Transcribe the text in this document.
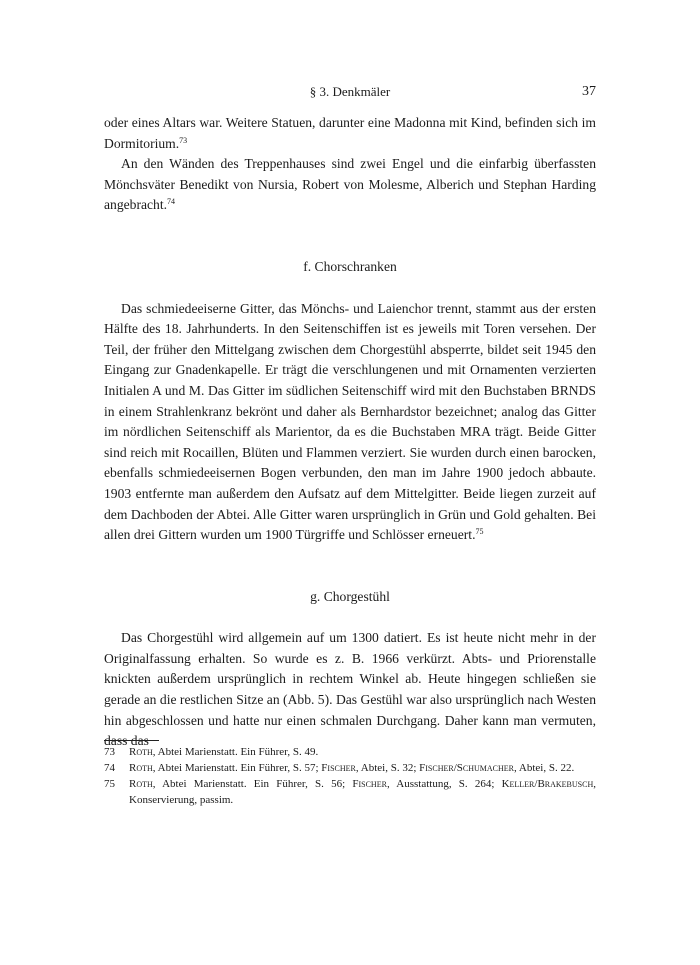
§ 3. Denkmäler	37

oder eines Altars war. Weitere Statuen, darunter eine Madonna mit Kind, befinden sich im Dormitorium.$^{73}$

An den Wänden des Treppenhauses sind zwei Engel und die einfarbig überfassten Mönchsväter Benedikt von Nursia, Robert von Molesme, Alberich und Stephan Harding angebracht.$^{74}$

f. Chorschranken

Das schmiedeeiserne Gitter, das Mönchs- und Laienchor trennt, stammt aus der ersten Hälfte des 18. Jahrhunderts. In den Seitenschiffen ist es jeweils mit Toren versehen. Der Teil, der früher den Mittelgang zwischen dem Chorgestühl absperrte, bildet seit 1945 den Eingang zur Gnadenkapelle. Er trägt die verschlungenen und mit Ornamenten verzierten Initialen A und M. Das Gitter im südlichen Seitenschiff wird mit den Buchstaben BRNDS in einem Strahlenkranz bekrönt und daher als Bernhardstor bezeichnet; analog das Gitter im nördlichen Seitenschiff als Marientor, da es die Buchstaben MRA trägt. Beide Gitter sind reich mit Rocaillen, Blüten und Flammen verziert. Sie wurden durch einen barocken, ebenfalls schmiedeeisernen Bogen verbunden, den man im Jahre 1900 jedoch abbaute. 1903 entfernte man außerdem den Aufsatz auf dem Mittelgitter. Beide liegen zurzeit auf dem Dachboden der Abtei. Alle Gitter waren ursprünglich in Grün und Gold gehalten. Bei allen drei Gittern wurden um 1900 Türgriffe und Schlösser erneuert.$^{75}$

g. Chorgestühl

Das Chorgestühl wird allgemein auf um 1300 datiert. Es ist heute nicht mehr in der Originalfassung erhalten. So wurde es z. B. 1966 verkürzt. Abts- und Priorenstalle knickten außerdem ursprünglich in rechtem Winkel ab. Heute hingegen schließen sie gerade an die restlichen Sitze an (Abb. 5). Das Gestühl war also ursprünglich nach Westen hin abgeschlossen und hatte nur einen schmalen Durchgang. Daher kann man vermuten, dass das

73 Roth, Abtei Marienstatt. Ein Führer, S. 49.

74 Roth, Abtei Marienstatt. Ein Führer, S. 57; Fischer, Abtei, S. 32; Fischer/Schumacher, Abtei, S. 22.

75 Roth, Abtei Marienstatt. Ein Führer, S. 56; Fischer, Ausstattung, S. 264; Keller/Brakebusch, Konservierung, passim.
